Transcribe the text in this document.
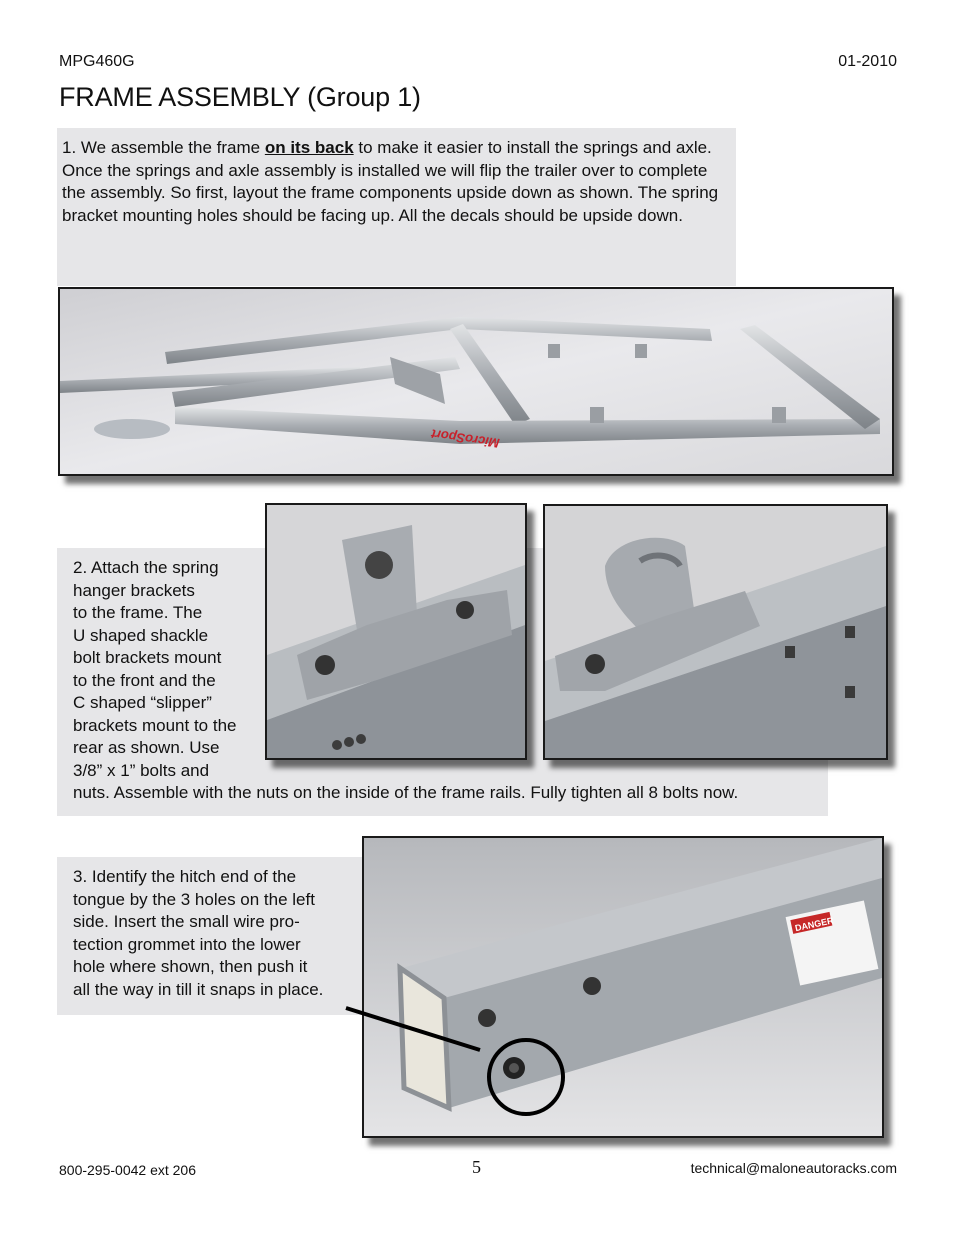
MPG460G	01-2010
FRAME ASSEMBLY (Group 1)
1. We assemble the frame on its back to make it easier to install the springs and axle. Once the springs and axle assembly is installed we will flip the trailer over to complete the assembly. So first, layout the frame components upside down as shown. The spring bracket mounting holes should be facing up. All the decals should be upside down.
MicroSport
2. Attach the spring
hanger brackets
to the frame. The
U shaped shackle
bolt brackets mount
to the front and the
C shaped “slipper”
brackets mount to the
rear as shown. Use
3/8” x 1” bolts and
nuts. Assemble with the nuts on the inside of the frame rails. Fully tighten all 8 bolts now.
3. Identify the hitch end of the
tongue by the 3 holes on the left
side. Insert the small wire pro-
tection grommet into the lower
hole where shown, then push it
all the way in till it snaps in place.
DANGER
800-295-0042 ext 206	5	technical@maloneautoracks.com
